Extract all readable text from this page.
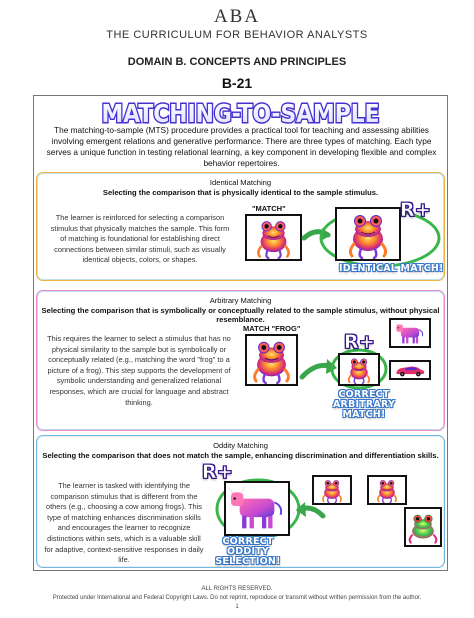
ABA
THE CURRICULUM FOR BEHAVIOR ANALYSTS
DOMAIN B. CONCEPTS AND PRINCIPLES
B-21
MATCHING-TO-SAMPLE
The matching-to-sample (MTS) procedure provides a practical tool for teaching and assessing abilities involving emergent relations and generative performance. There are three types of matching. Each type serves a unique function in testing relational learning, a key component in developing flexible and complex behavior repertoires.
Identical Matching
Selecting the comparison that is physically identical to the sample stimulus.
The learner is reinforced for selecting a comparison stimulus that physically matches the sample. This form of matching is foundational for establishing direct connections between similar stimuli, such as visually identical objects, colors, or shapes.
"MATCH"	R+
IDENTICAL MATCH!
Arbitrary Matching
Selecting the comparison that is symbolically or conceptually related to the sample stimulus, without physical resemblance.
This requires the learner to select a stimulus that has no physical similarity to the sample but is symbolically or conceptually related (e.g., matching the word "frog" to a picture of a frog). This step supports the development of symbolic understanding and generalized relational responses, which are crucial for language and abstract thinking.
MATCH "FROG"
R+
CORRECT
ARBITRARY
MATCH!
Oddity Matching
Selecting the comparison that does not match the sample, enhancing discrimination and differentiation skills.
The learner is tasked with identifying the comparison stimulus that is different from the others (e.g., choosing a cow among frogs). This type of matching enhances discrimination skills and encourages the learner to recognize distinctions within sets, which is a valuable skill for adaptive, context-sensitive responses in daily life.
R+
CORRECT
ODDITY
SELECTION!
ALL RIGHTS RESERVED.
Protected under International and Federal Copyright Laws. Do not reprint, reproduce or transmit without written permission from the author.
1
